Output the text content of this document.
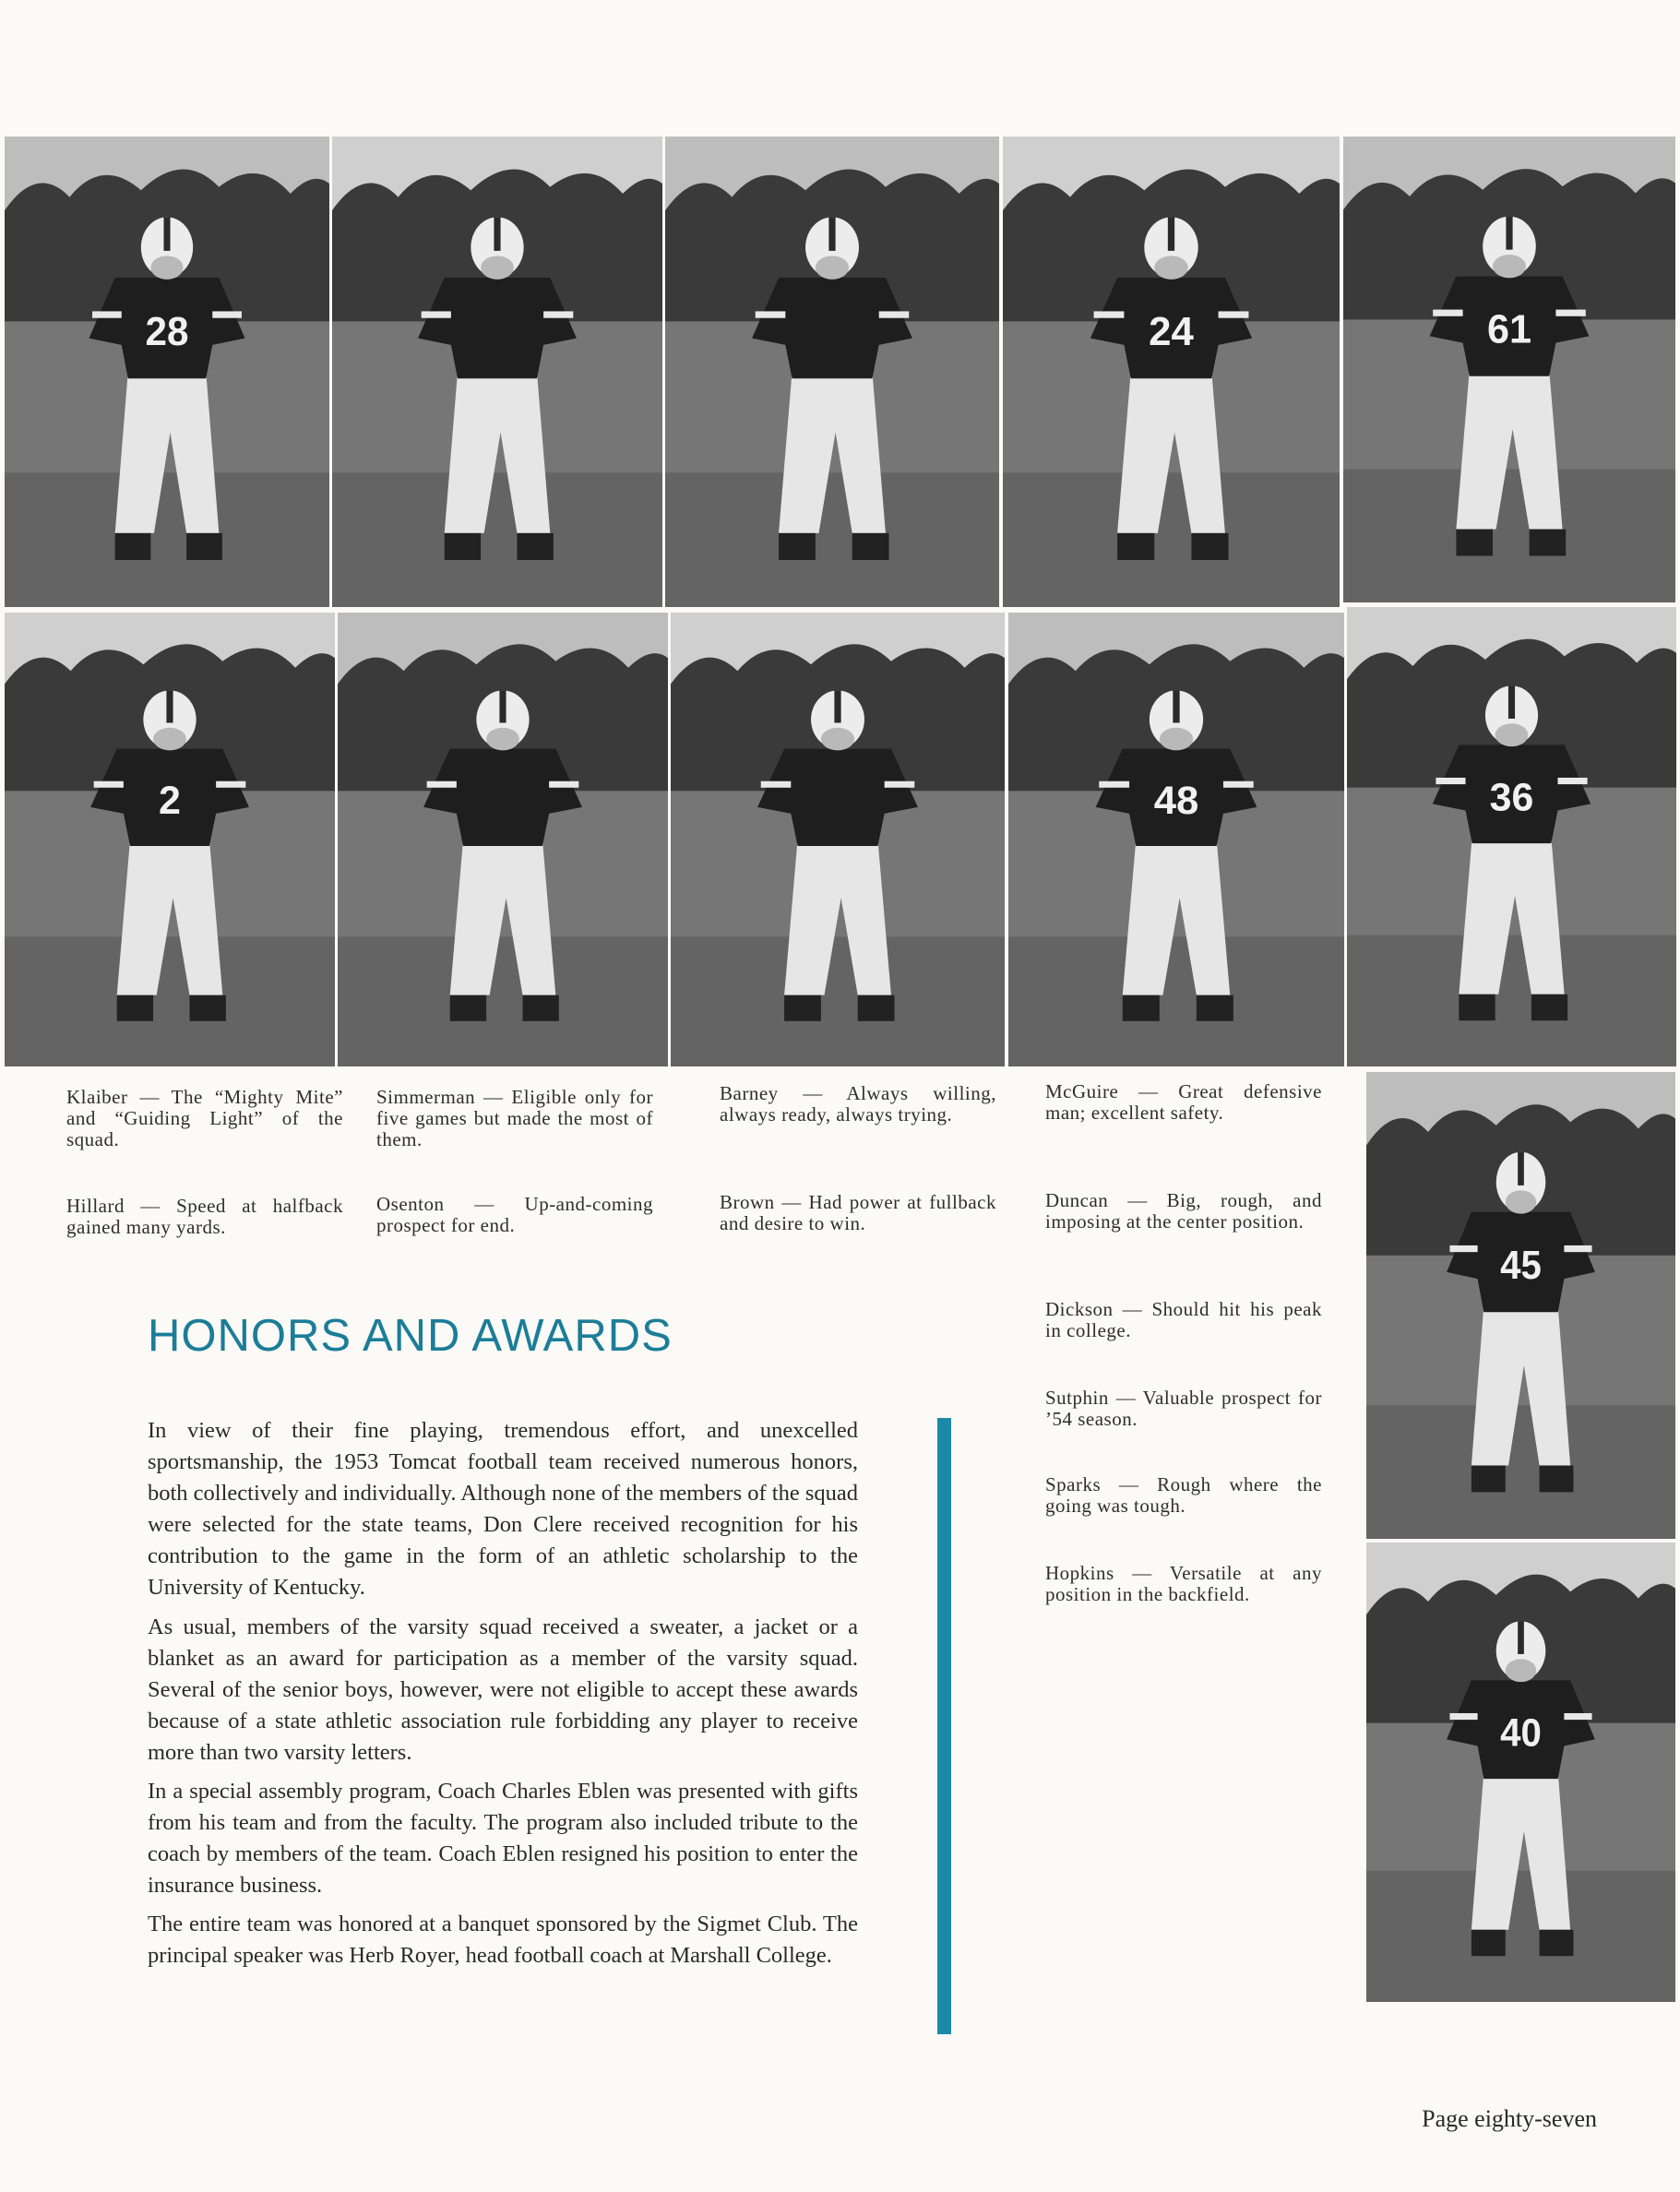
28	24	61
2	48	36
45
40
Klaiber — The “Mighty Mite” and “Guiding Light” of the squad.
Simmerman — Eligible only for five games but made the most of them.
Barney — Always willing, always ready, always trying.
McGuire — Great defensive man; excellent safety.
Hillard — Speed at halfback gained many yards.
Osenton — Up-and-coming prospect for end.
Brown — Had power at fullback and desire to win.
Duncan — Big, rough, and imposing at the center position.
Dickson — Should hit his peak in college.
Sutphin — Valuable prospect for ’54 season.
Sparks — Rough where the going was tough.
Hopkins — Versatile at any position in the backfield.
HONORS AND AWARDS
In view of their fine playing, tremendous effort, and unexcelled sportsmanship, the 1953 Tomcat football team received numerous honors, both collectively and individually. Although none of the members of the squad were selected for the state teams, Don Clere received recognition for his contribution to the game in the form of an athletic scholarship to the University of Kentucky.
As usual, members of the varsity squad received a sweater, a jacket or a blanket as an award for participation as a member of the varsity squad. Several of the senior boys, however, were not eligible to accept these awards because of a state athletic association rule forbidding any player to receive more than two varsity letters.
In a special assembly program, Coach Charles Eblen was presented with gifts from his team and from the faculty. The program also included tribute to the coach by members of the team. Coach Eblen resigned his position to enter the insurance business.
The entire team was honored at a banquet sponsored by the Sigmet Club. The principal speaker was Herb Royer, head football coach at Marshall College.
Page eighty-seven
